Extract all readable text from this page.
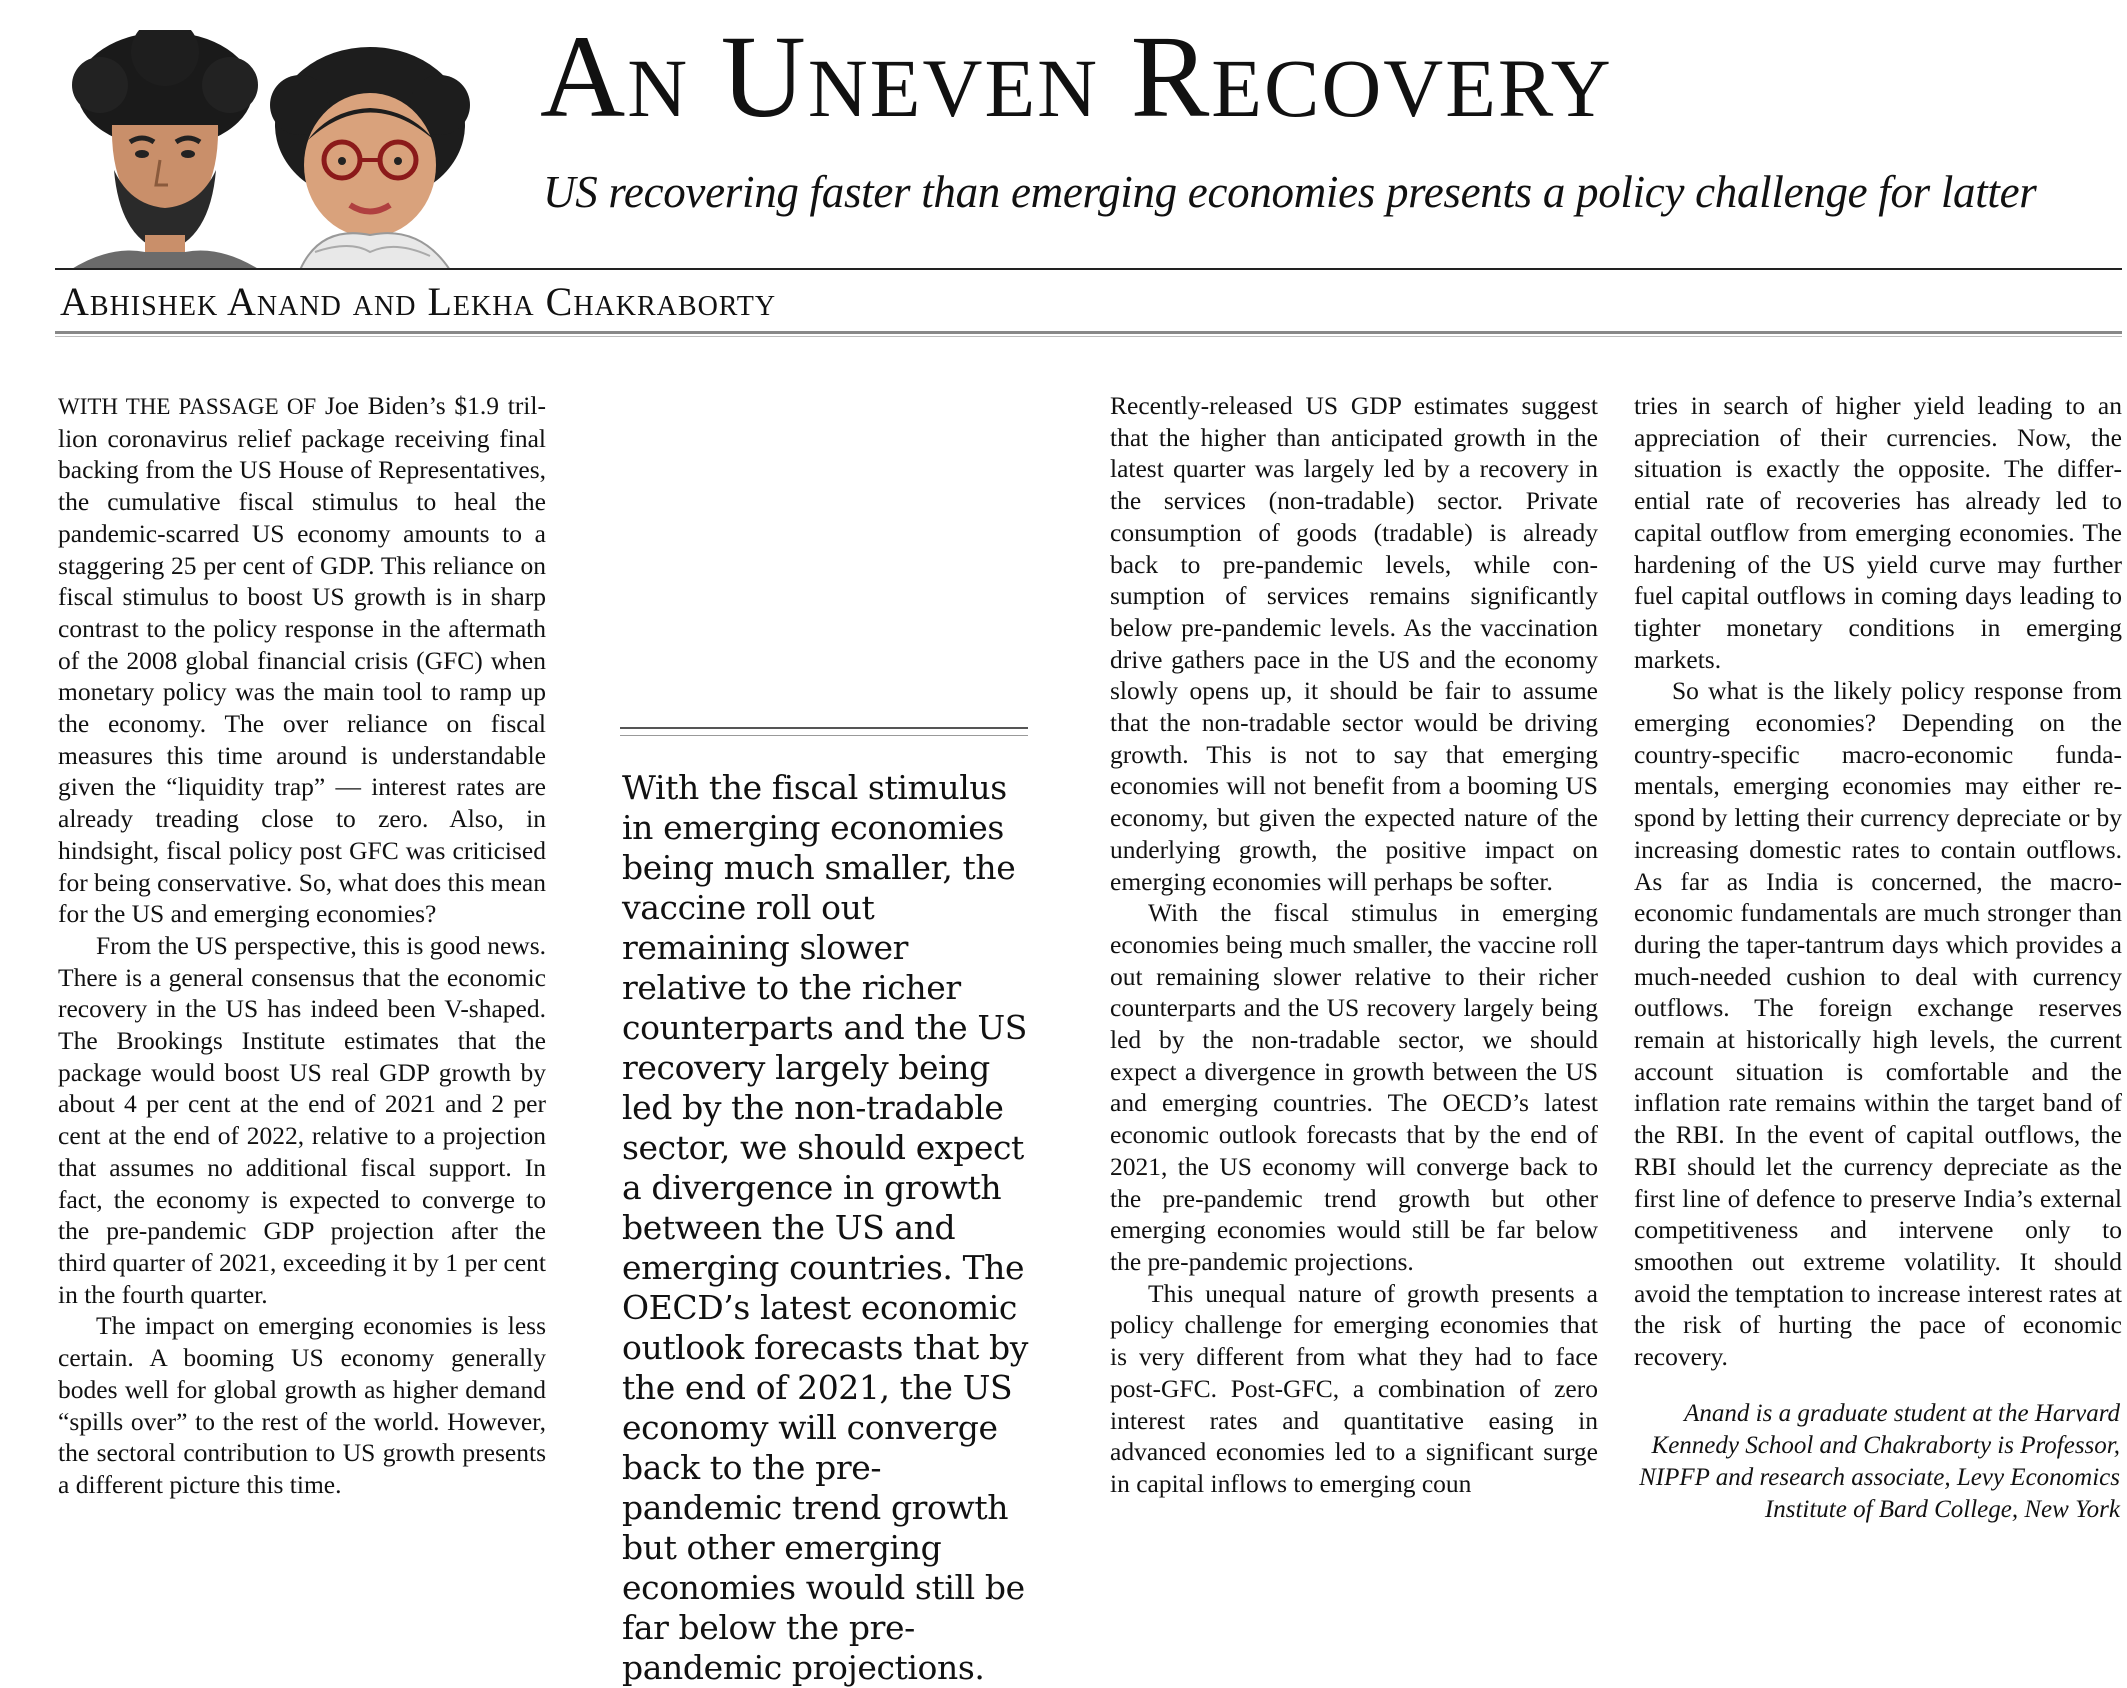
An Uneven Recovery
US recovering faster than emerging economies presents a policy challenge for latter
Abhishek Anand and Lekha Chakraborty

WITH THE PASSAGE OF Joe Biden’s $1.9 trillion coronavirus relief package receiving final backing from the US House of Representatives, the cumulative fiscal stimulus to heal the pandemic-scarred US economy amounts to a staggering 25 per cent of GDP. This reliance on fiscal stimulus to boost US growth is in sharp contrast to the policy response in the aftermath of the 2008 global financial crisis (GFC) when monetary policy was the main tool to ramp up the economy. The over reliance on fiscal measures this time around is understandable given the “liquidity trap” — interest rates are already treading close to zero. Also, in hindsight, fiscal policy post GFC was criticised for being conservative. So, what does this mean for the US and emerging economies?

From the US perspective, this is good news. There is a general consensus that the economic recovery in the US has indeed been V-shaped. The Brookings Institute estimates that the package would boost US real GDP growth by about 4 per cent at the end of 2021 and 2 per cent at the end of 2022, relative to a projection that assumes no additional fiscal support. In fact, the economy is expected to converge to the pre-pandemic GDP projection after the third quarter of 2021, exceeding it by 1 per cent in the fourth quarter.

The impact on emerging economies is less certain. A booming US economy generally bodes well for global growth as higher demand “spills over” to the rest of the world. However, the sectoral contribution to US growth presents a different picture this time.

With the fiscal stimulus in emerging economies being much smaller, the vaccine roll out remaining slower relative to the richer counterparts and the US recovery largely being led by the non-tradable sector, we should expect a divergence in growth between the US and emerging countries. The OECD’s latest economic outlook forecasts that by the end of 2021, the US economy will converge back to the pre-pandemic trend growth but other emerging economies would still be far below the pre-pandemic projections.

Recently-released US GDP estimates suggest that the higher than anticipated growth in the latest quarter was largely led by a recovery in the services (non-tradable) sector. Private consumption of goods (tradable) is already back to pre-pandemic levels, while consumption of services remains significantly below pre-pandemic levels. As the vaccination drive gathers pace in the US and the economy slowly opens up, it should be fair to assume that the non-tradable sector would be driving growth. This is not to say that emerging economies will not benefit from a booming US economy, but given the expected nature of the underlying growth, the positive impact on emerging economies will perhaps be softer.

With the fiscal stimulus in emerging economies being much smaller, the vaccine roll out remaining slower relative to their richer counterparts and the US recovery largely being led by the non-tradable sector, we should expect a divergence in growth between the US and emerging countries. The OECD’s latest economic outlook forecasts that by the end of 2021, the US economy will converge back to the pre-pandemic trend growth but other emerging economies would still be far below the pre-pandemic projections.

This unequal nature of growth presents a policy challenge for emerging economies that is very different from what they had to face post-GFC. Post-GFC, a combination of zero interest rates and quantitative easing in advanced economies led to a significant surge in capital inflows to emerging coun

tries in search of higher yield leading to an appreciation of their currencies. Now, the situation is exactly the opposite. The differential rate of recoveries has already led to capital outflow from emerging economies. The hardening of the US yield curve may further fuel capital outflows in coming days leading to tighter monetary conditions in emerging markets.

So what is the likely policy response from emerging economies? Depending on the country-specific macro-economic fundamentals, emerging economies may either respond by letting their currency depreciate or by increasing domestic rates to contain outflows. As far as India is concerned, the macroeconomic fundamentals are much stronger than during the taper-tantrum days which provides a much-needed cushion to deal with currency outflows. The foreign exchange reserves remain at historically high levels, the current account situation is comfortable and the inflation rate remains within the target band of the RBI. In the event of capital outflows, the RBI should let the currency depreciate as the first line of defence to preserve India’s external competitiveness and intervene only to smoothen out extreme volatility. It should avoid the temptation to increase interest rates at the risk of hurting the pace of economic recovery.

Anand is a graduate student at the Harvard Kennedy School and Chakraborty is Professor, NIPFP and research associate, Levy Economics Institute of Bard College, New York
